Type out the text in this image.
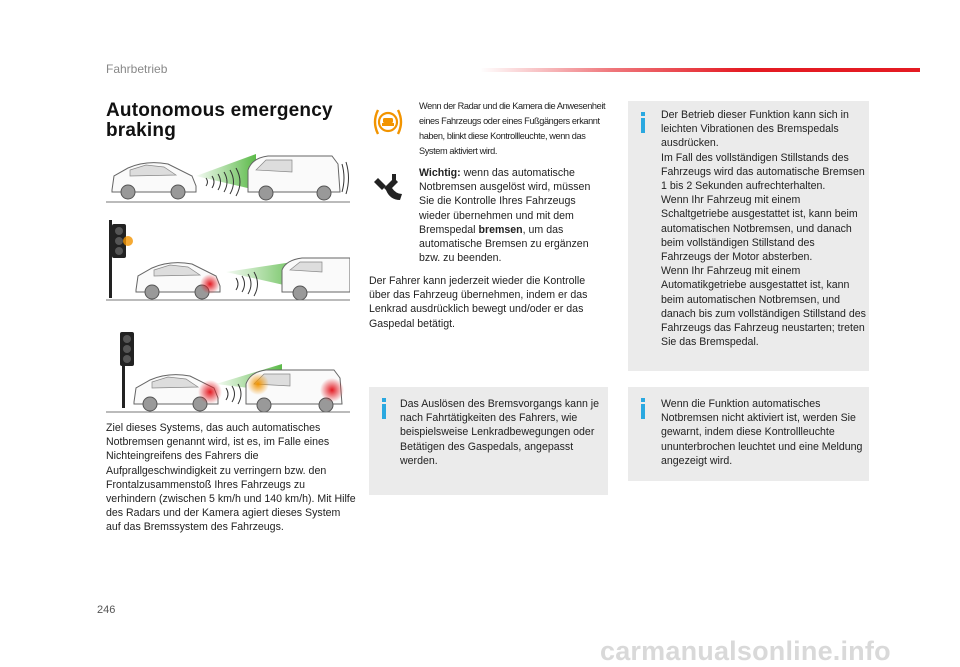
Fahrbetrieb
Autonomous emergency braking
Ziel dieses Systems, das auch automatisches Notbremsen genannt wird, ist es, im Falle eines Nichteingreifens des Fahrers die Aufprallgeschwindigkeit zu verringern bzw. den Frontalzusammenstoß Ihres Fahrzeugs zu verhindern (zwischen 5 km/h und 140 km/h). Mit Hilfe des Radars und der Kamera agiert dieses System auf das Bremssystem des Fahrzeugs.
Wenn der Radar und die Kamera die Anwesenheit eines Fahrzeugs oder eines Fußgängers erkannt haben, blinkt diese Kontrollleuchte, wenn das System aktiviert wird.
Wichtig: wenn das automatische Notbremsen ausgelöst wird, müssen Sie die Kontrolle Ihres Fahrzeugs wieder übernehmen und mit dem Bremspedal bremsen, um das automatische Bremsen zu ergänzen bzw. zu beenden.
Der Fahrer kann jederzeit wieder die Kontrolle über das Fahrzeug übernehmen, indem er das Lenkrad ausdrücklich bewegt und/oder er das Gaspedal betätigt.
Das Auslösen des Bremsvorgangs kann je nach Fahrtätigkeiten des Fahrers, wie beispielsweise Lenkradbewegungen oder Betätigen des Gaspedals, angepasst werden.
Der Betrieb dieser Funktion kann sich in leichten Vibrationen des Bremspedals ausdrücken.
Im Fall des vollständigen Stillstands des Fahrzeugs wird das automatische Bremsen 1 bis 2 Sekunden aufrechterhalten.
Wenn Ihr Fahrzeug mit einem Schaltgetriebe ausgestattet ist, kann beim automatischen Notbremsen, und danach beim vollständigen Stillstand des Fahrzeugs der Motor absterben.
Wenn Ihr Fahrzeug mit einem Automatikgetriebe ausgestattet ist, kann beim automatischen Notbremsen, und danach bis zum vollständigen Stillstand des Fahrzeugs das Fahrzeug neustarten; treten Sie das Bremspedal.
Wenn die Funktion automatisches Notbremsen nicht aktiviert ist, werden Sie gewarnt, indem diese Kontrollleuchte ununterbrochen leuchtet und eine Meldung angezeigt wird.
246
carmanualsonline.info
